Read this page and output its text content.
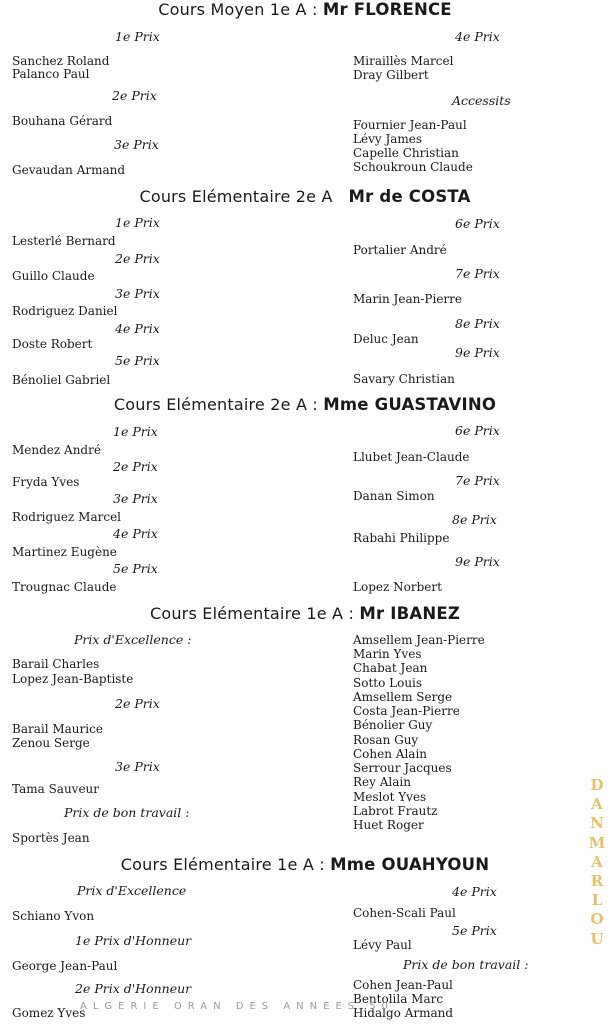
Cours Moyen 1e A : Mr FLORENCE
1e Prix
Sanchez Roland
Palanco Paul
2e Prix
Bouhana Gérard
3e Prix
Gevaudan Armand
4e Prix
Miraillès Marcel
Dray Gilbert
Accessits
Fournier Jean-Paul
Lévy James
Capelle Christian
Schoukroun Claude
Cours Elémentaire 2e A Mr de COSTA
1e Prix
Lesterlé Bernard
2e Prix
Guillo Claude
3e Prix
Rodriguez Daniel
4e Prix
Doste Robert
5e Prix
Bénoliel Gabriel
6e Prix
Portalier André
7e Prix
Marin Jean-Pierre
8e Prix
Deluc Jean
9e Prix
Savary Christian
Cours Elémentaire 2e A : Mme GUASTAVINO
1e Prix
Mendez André
2e Prix
Fryda Yves
3e Prix
Rodriguez Marcel
4e Prix
Martinez Eugène
5e Prix
Trougnac Claude
6e Prix
Llubet Jean-Claude
7e Prix
Danan Simon
8e Prix
Rabahi Philippe
9e Prix
Lopez Norbert
Cours Elémentaire 1e A : Mr IBANEZ
Prix d'Excellence :
Barail Charles
Lopez Jean-Baptiste
2e Prix
Barail Maurice
Zenou Serge
3e Prix
Tama Sauveur
Prix de bon travail :
Sportès Jean
Amsellem Jean-Pierre
Marin Yves
Chabat Jean
Sotto Louis
Amsellem Serge
Costa Jean-Pierre
Bénolier Guy
Rosan Guy
Cohen Alain
Serrour Jacques
Rey Alain
Meslot Yves
Labrot Frautz
Huet Roger
Cours Elémentaire 1e A : Mme OUAHYOUN
Prix d'Excellence
Schiano Yvon
1e Prix d'Honneur
George Jean-Paul
2e Prix d'Honneur
Gomez Yves
4e Prix
Cohen-Scali Paul
5e Prix
Lévy Paul
Prix de bon travail :
Cohen Jean-Paul
Bentolila Marc
Hidalgo Armand
DANMARLOU
ALGERIE ORAN DES ANNEES 50
